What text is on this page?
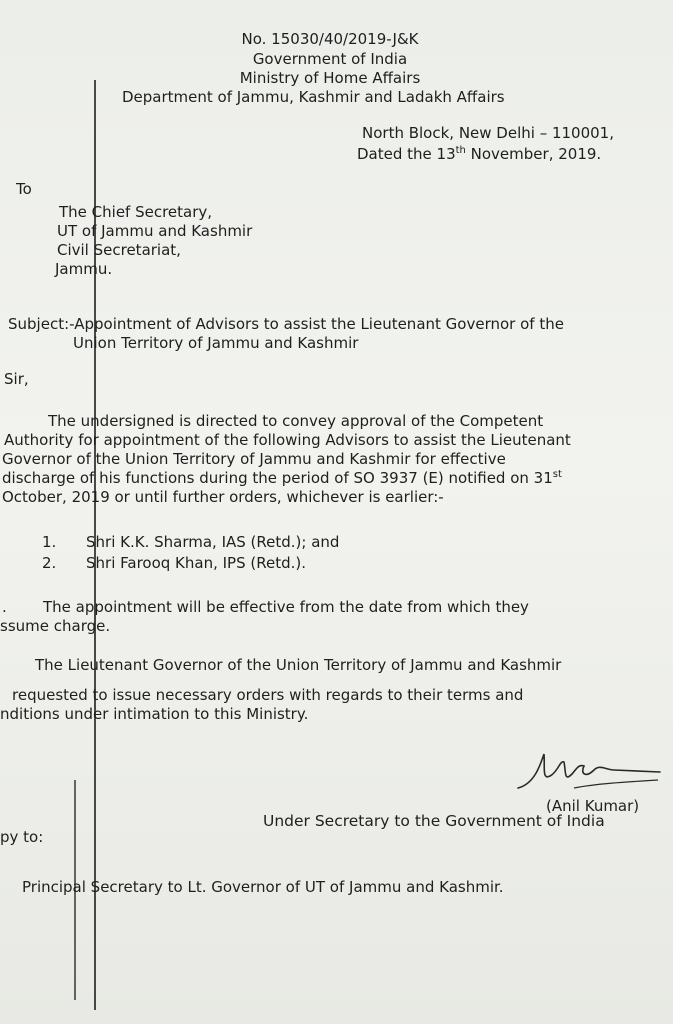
No. 15030/40/2019-J&K
Government of India
Ministry of Home Affairs
Department of Jammu, Kashmir and Ladakh Affairs
North Block, New Delhi – 110001,
Dated the 13th November, 2019.
To
The Chief Secretary,
UT of Jammu and Kashmir
Civil Secretariat,
Jammu.
Subject:-Appointment of Advisors to assist the Lieutenant Governor of the
Union Territory of Jammu and Kashmir
Sir,
The undersigned is directed to convey approval of the Competent
Authority for appointment of the following Advisors to assist the Lieutenant
Governor of the Union Territory of Jammu and Kashmir for effective
discharge of his functions during the period of SO 3937 (E) notified on 31st
October, 2019 or until further orders, whichever is earlier:-
1. Shri K.K. Sharma, IAS (Retd.); and
2. Shri Farooq Khan, IPS (Retd.).
. The appointment will be effective from the date from which they
ssume charge.
The Lieutenant Governor of the Union Territory of Jammu and Kashmir
requested to issue necessary orders with regards to their terms and
nditions under intimation to this Ministry.
(Anil Kumar)
Under Secretary to the Government of India
py to:
Principal Secretary to Lt. Governor of UT of Jammu and Kashmir.
